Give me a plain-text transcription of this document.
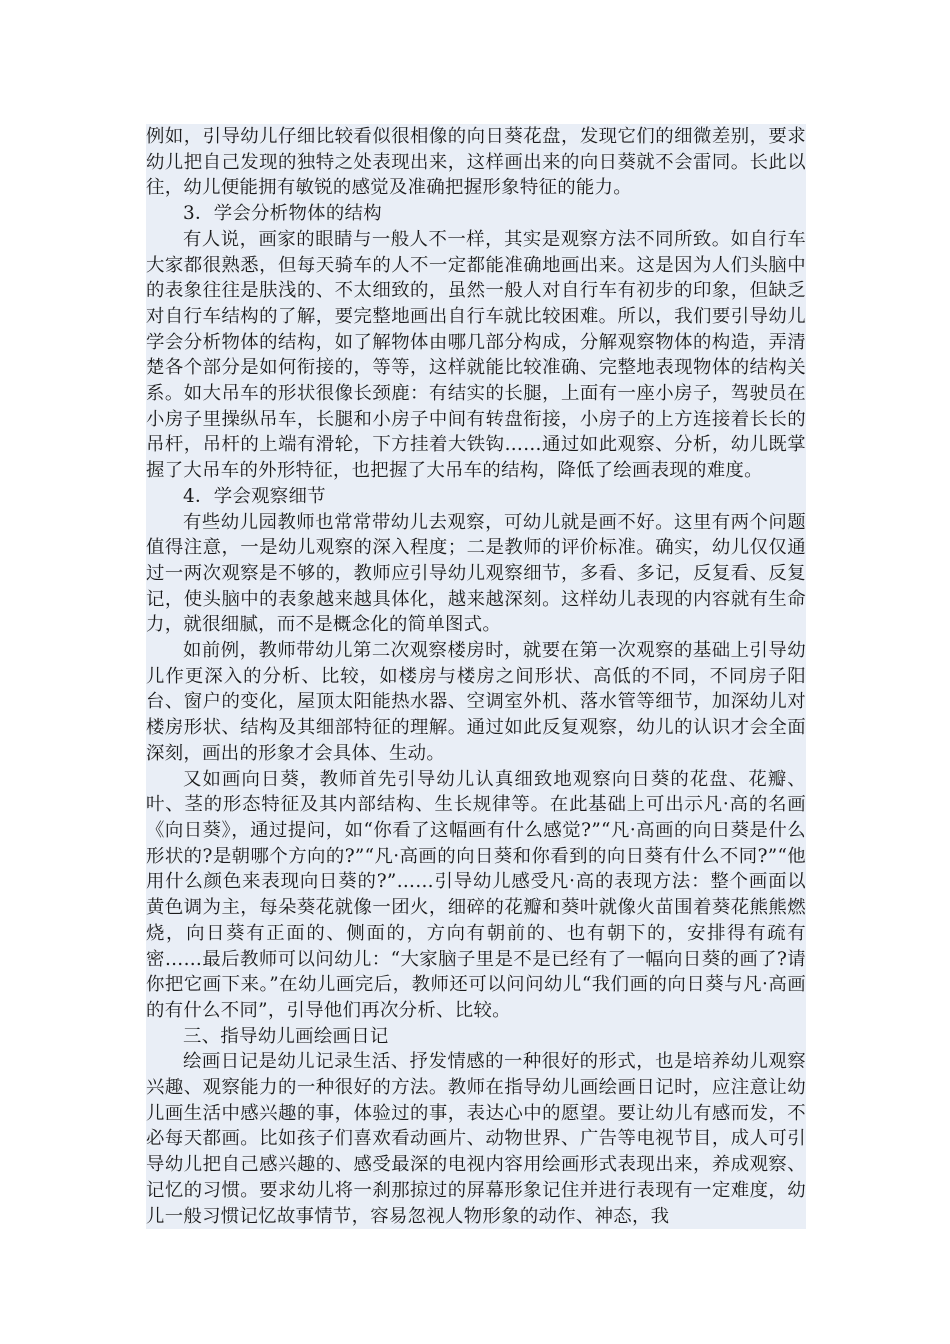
例如，引导幼儿仔细比较看似很相像的向日葵花盘，发现它们的细微差别，要求幼儿把自己发现的独特之处表现出来，这样画出来的向日葵就不会雷同。长此以往，幼儿便能拥有敏锐的感觉及准确把握形象特征的能力。

3．学会分析物体的结构

有人说，画家的眼睛与一般人不一样，其实是观察方法不同所致。如自行车大家都很熟悉，但每天骑车的人不一定都能准确地画出来。这是因为人们头脑中的表象往往是肤浅的、不太细致的，虽然一般人对自行车有初步的印象，但缺乏对自行车结构的了解，要完整地画出自行车就比较困难。所以，我们要引导幼儿学会分析物体的结构，如了解物体由哪几部分构成，分解观察物体的构造，弄清楚各个部分是如何衔接的，等等，这样就能比较准确、完整地表现物体的结构关系。如大吊车的形状很像长颈鹿：有结实的长腿，上面有一座小房子，驾驶员在小房子里操纵吊车，长腿和小房子中间有转盘衔接，小房子的上方连接着长长的吊杆，吊杆的上端有滑轮，下方挂着大铁钩……通过如此观察、分析，幼儿既掌握了大吊车的外形特征，也把握了大吊车的结构，降低了绘画表现的难度。

4．学会观察细节

有些幼儿园教师也常常带幼儿去观察，可幼儿就是画不好。这里有两个问题值得注意，一是幼儿观察的深入程度；二是教师的评价标准。确实，幼儿仅仅通过一两次观察是不够的，教师应引导幼儿观察细节，多看、多记，反复看、反复记，使头脑中的表象越来越具体化，越来越深刻。这样幼儿表现的内容就有生命力，就很细腻，而不是概念化的简单图式。

如前例，教师带幼儿第二次观察楼房时，就要在第一次观察的基础上引导幼儿作更深入的分析、比较，如楼房与楼房之间形状、高低的不同，不同房子阳台、窗户的变化，屋顶太阳能热水器、空调室外机、落水管等细节，加深幼儿对楼房形状、结构及其细部特征的理解。通过如此反复观察，幼儿的认识才会全面深刻，画出的形象才会具体、生动。

又如画向日葵，教师首先引导幼儿认真细致地观察向日葵的花盘、花瓣、叶、茎的形态特征及其内部结构、生长规律等。在此基础上可出示凡·高的名画《向日葵》，通过提问，如“你看了这幅画有什么感觉?”“凡·高画的向日葵是什么形状的?是朝哪个方向的?”“凡·高画的向日葵和你看到的向日葵有什么不同?”“他用什么颜色来表现向日葵的?”……引导幼儿感受凡·高的表现方法：整个画面以黄色调为主，每朵葵花就像一团火，细碎的花瓣和葵叶就像火苗围着葵花熊熊燃烧，向日葵有正面的、侧面的，方向有朝前的、也有朝下的，安排得有疏有密……最后教师可以问幼儿：“大家脑子里是不是已经有了一幅向日葵的画了?请你把它画下来。”在幼儿画完后，教师还可以问问幼儿“我们画的向日葵与凡·高画的有什么不同”，引导他们再次分析、比较。

三、指导幼儿画绘画日记

绘画日记是幼儿记录生活、抒发情感的一种很好的形式，也是培养幼儿观察兴趣、观察能力的一种很好的方法。教师在指导幼儿画绘画日记时，应注意让幼儿画生活中感兴趣的事，体验过的事，表达心中的愿望。要让幼儿有感而发，不必每天都画。比如孩子们喜欢看动画片、动物世界、广告等电视节目，成人可引导幼儿把自己感兴趣的、感受最深的电视内容用绘画形式表现出来，养成观察、记忆的习惯。要求幼儿将一刹那掠过的屏幕形象记住并进行表现有一定难度，幼儿一般习惯记忆故事情节，容易忽视人物形象的动作、神态，我
